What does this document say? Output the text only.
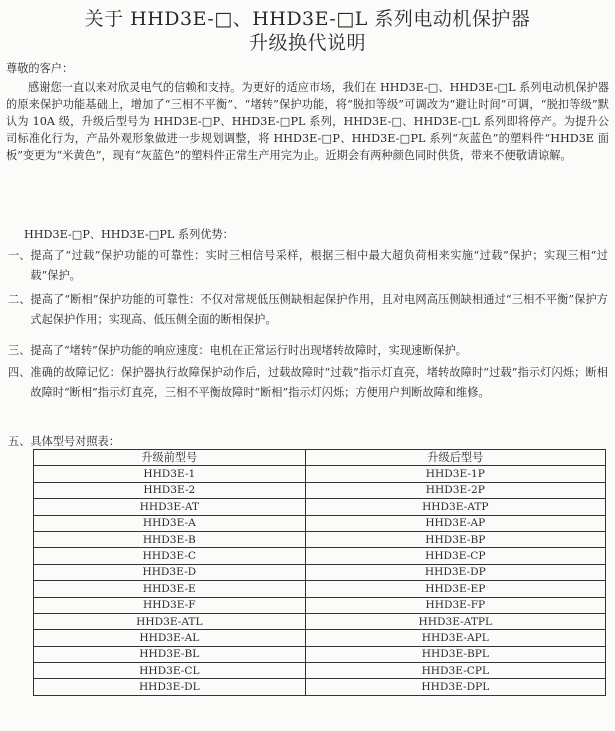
关于 HHD3E-□、HHD3E-□L 系列电动机保护器
升级换代说明

尊敬的客户：

感谢您一直以来对欣灵电气的信赖和支持。为更好的适应市场，我们在 HHD3E-□、HHD3E-□L 系列电动机保护器的原来保护功能基础上，增加了“三相不平衡”、“堵转”保护功能，将“脱扣等级”可调改为“避让时间”可调，“脱扣等级”默认为 10A 级，升级后型号为 HHD3E-□P、HHD3E-□PL 系列，HHD3E-□、HHD3E-□L 系列即将停产。为提升公司标准化行为，产品外观形象做进一步规划调整，将 HHD3E-□P、HHD3E-□PL 系列“灰蓝色”的塑料件“HHD3E 面板”变更为“米黄色”，现有“灰蓝色”的塑料件正常生产用完为止。近期会有两种颜色同时供货，带来不便敬请谅解。

HHD3E-□P、HHD3E-□PL 系列优势：

一、 提高了“过载”保护功能的可靠性：实时三相信号采样，根据三相中最大超负荷相来实施“过载”保护；实现三相“过载”保护。
二、 提高了“断相”保护功能的可靠性：不仅对常规低压侧缺相起保护作用，且对电网高压侧缺相通过“三相不平衡”保护方式起保护作用；实现高、低压侧全面的断相保护。
三、 提高了“堵转”保护功能的响应速度：电机在正常运行时出现堵转故障时，实现速断保护。
四、 准确的故障记忆：保护器执行故障保护动作后，过载故障时“过载”指示灯直亮，堵转故障时“过载”指示灯闪烁；断相故障时“断相”指示灯直亮，三相不平衡故障时“断相”指示灯闪烁；方便用户判断故障和维修。
五、 具体型号对照表：
升级前型号	升级后型号
HHD3E-1	HHD3E-1P
HHD3E-2	HHD3E-2P
HHD3E-AT	HHD3E-ATP
HHD3E-A	HHD3E-AP
HHD3E-B	HHD3E-BP
HHD3E-C	HHD3E-CP
HHD3E-D	HHD3E-DP
HHD3E-E	HHD3E-EP
HHD3E-F	HHD3E-FP
HHD3E-ATL	HHD3E-ATPL
HHD3E-AL	HHD3E-APL
HHD3E-BL	HHD3E-BPL
HHD3E-CL	HHD3E-CPL
HHD3E-DL	HHD3E-DPL
